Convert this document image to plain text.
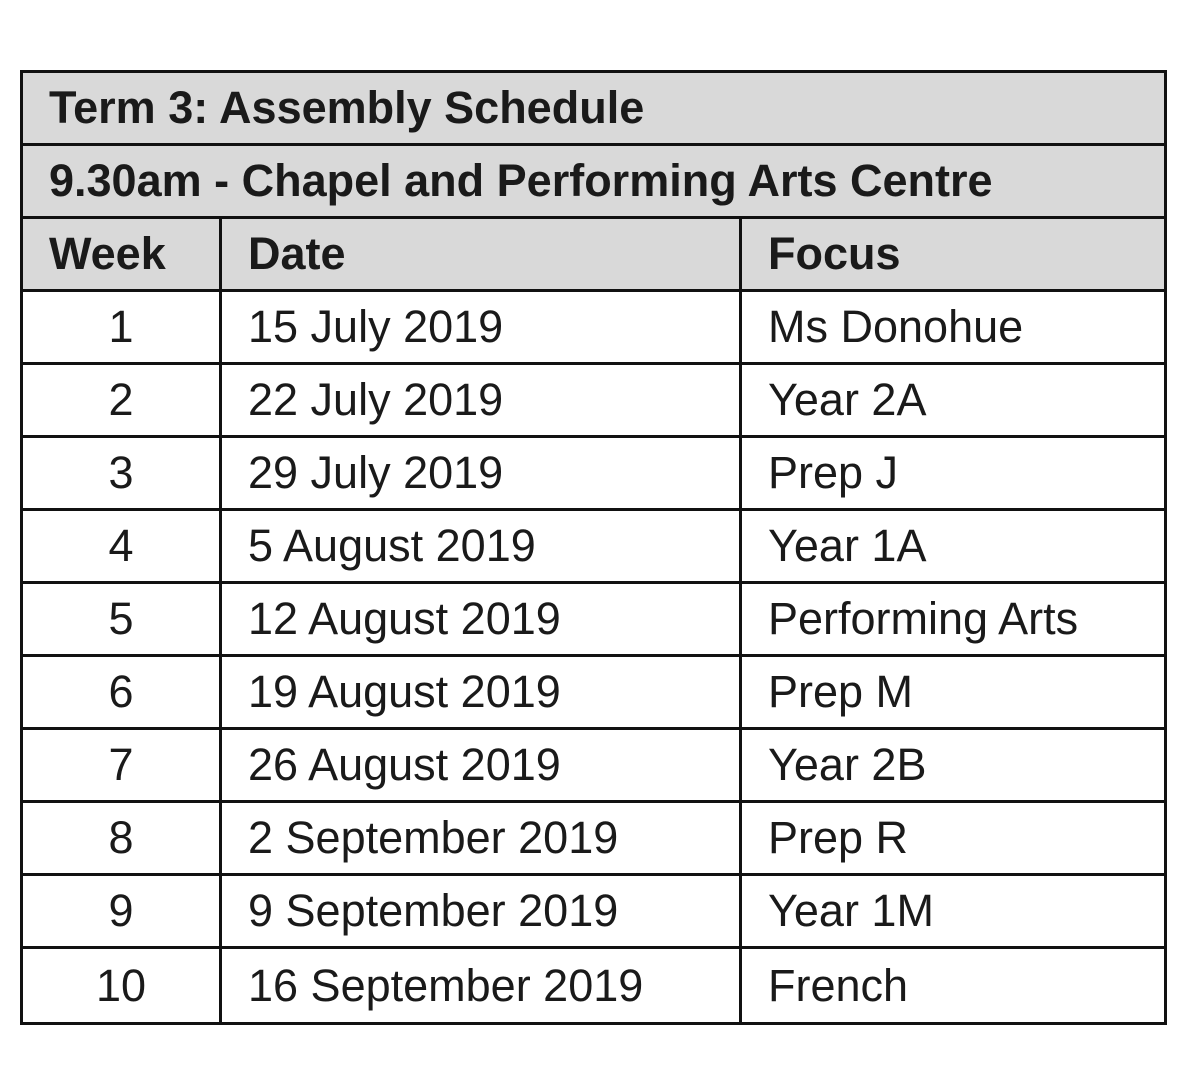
Term 3: Assembly Schedule
9.30am - Chapel and Performing Arts Centre
Week	Date	Focus
1	15 July 2019	Ms Donohue
2	22 July 2019	Year 2A
3	29 July 2019	Prep J
4	5 August 2019	Year 1A
5	12 August 2019	Performing Arts
6	19 August 2019	Prep M
7	26 August 2019	Year 2B
8	2 September 2019	Prep R
9	9 September 2019	Year 1M
10	16 September 2019	French
